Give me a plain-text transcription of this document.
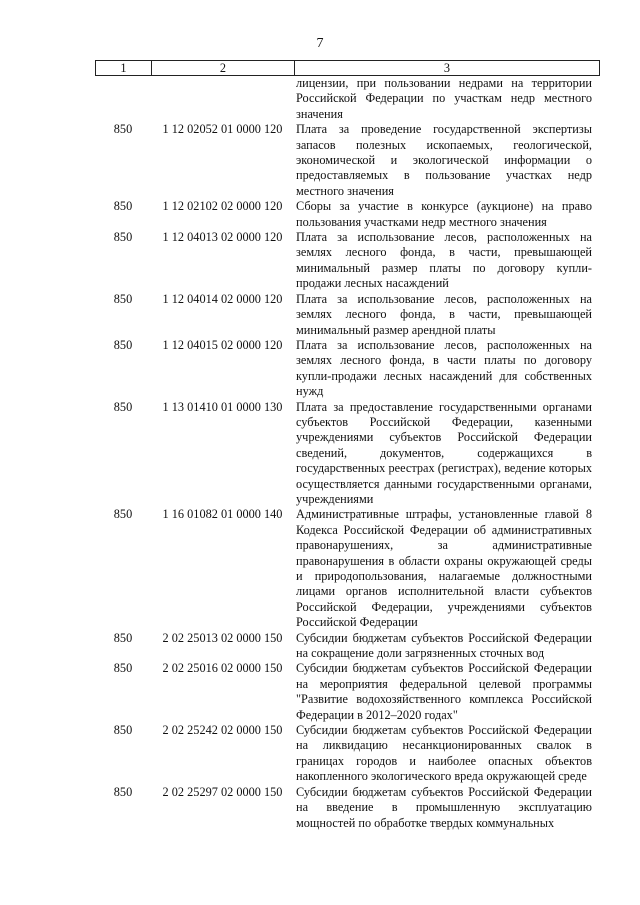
7
1	2	3
лицензии, при пользовании недрами на территории Российской Федерации по участкам недр местного значения
850	1 12 02052 01 0000 120	Плата за проведение государственной экспертизы запасов полезных ископаемых, геологической, экономической и экологической информации о предоставляемых в пользование участках недр местного значения
850	1 12 02102 02 0000 120	Сборы за участие в конкурсе (аукционе) на право пользования участками недр местного значения
850	1 12 04013 02 0000 120	Плата за использование лесов, расположенных на землях лесного фонда, в части, превышающей минимальный размер платы по договору купли-продажи лесных насаждений
850	1 12 04014 02 0000 120	Плата за использование лесов, расположенных на землях лесного фонда, в части, превышающей минимальный размер арендной платы
850	1 12 04015 02 0000 120	Плата за использование лесов, расположенных на землях лесного фонда, в части платы по договору купли-продажи лесных насаждений для собственных нужд
850	1 13 01410 01 0000 130	Плата за предоставление государственными органами субъектов Российской Федерации, казенными учреждениями субъектов Российской Федерации сведений, документов, содержащихся в государственных реестрах (регистрах), ведение которых осуществляется данными государственными органами, учреждениями
850	1 16 01082 01 0000 140	Административные штрафы, установленные главой 8 Кодекса Российской Федерации об административных правонарушениях, за административные правонарушения в области охраны окружающей среды и природопользования, налагаемые должностными лицами органов исполнительной власти субъектов Российской Федерации, учреждениями субъектов Российской Федерации
850	2 02 25013 02 0000 150	Субсидии бюджетам субъектов Российской Федерации на сокращение доли загрязненных сточных вод
850	2 02 25016 02 0000 150	Субсидии бюджетам субъектов Российской Федерации на мероприятия федеральной целевой программы "Развитие водохозяйственного комплекса Российской Федерации в 2012–2020 годах"
850	2 02 25242 02 0000 150	Субсидии бюджетам субъектов Российской Федерации на ликвидацию несанкционированных свалок в границах городов и наиболее опасных объектов накопленного экологического вреда окружающей среде
850	2 02 25297 02 0000 150	Субсидии бюджетам субъектов Российской Федерации на введение в промышленную эксплуатацию мощностей по обработке твердых коммунальных
